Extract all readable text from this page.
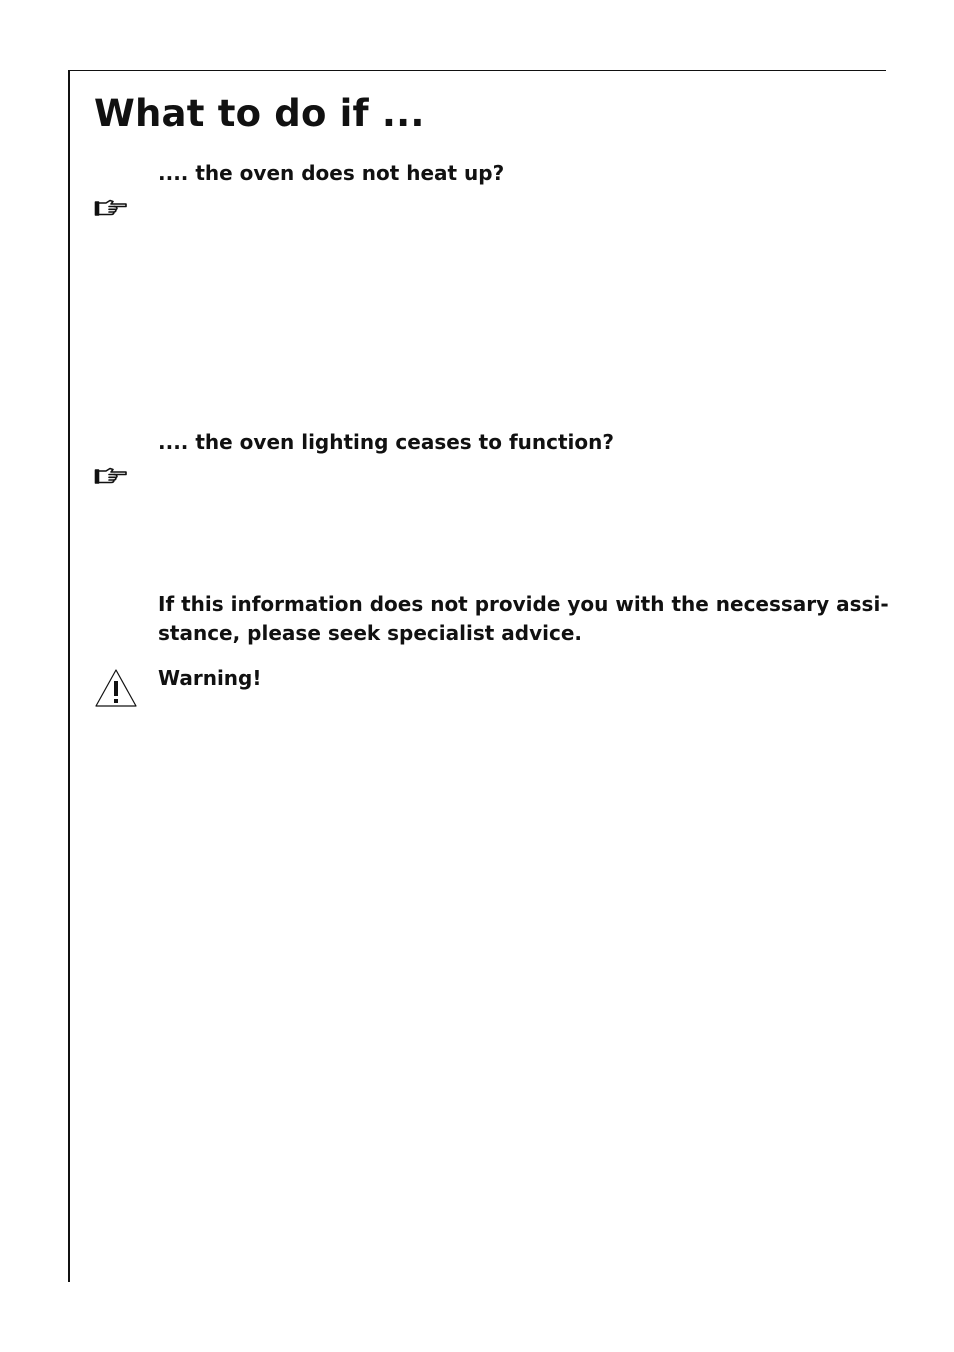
What to do if ...
.... the oven does not heat up?
.... the oven lighting ceases to function?

If this information does not provide you with the necessary assi-
stance, please seek specialist advice.

Warning!
